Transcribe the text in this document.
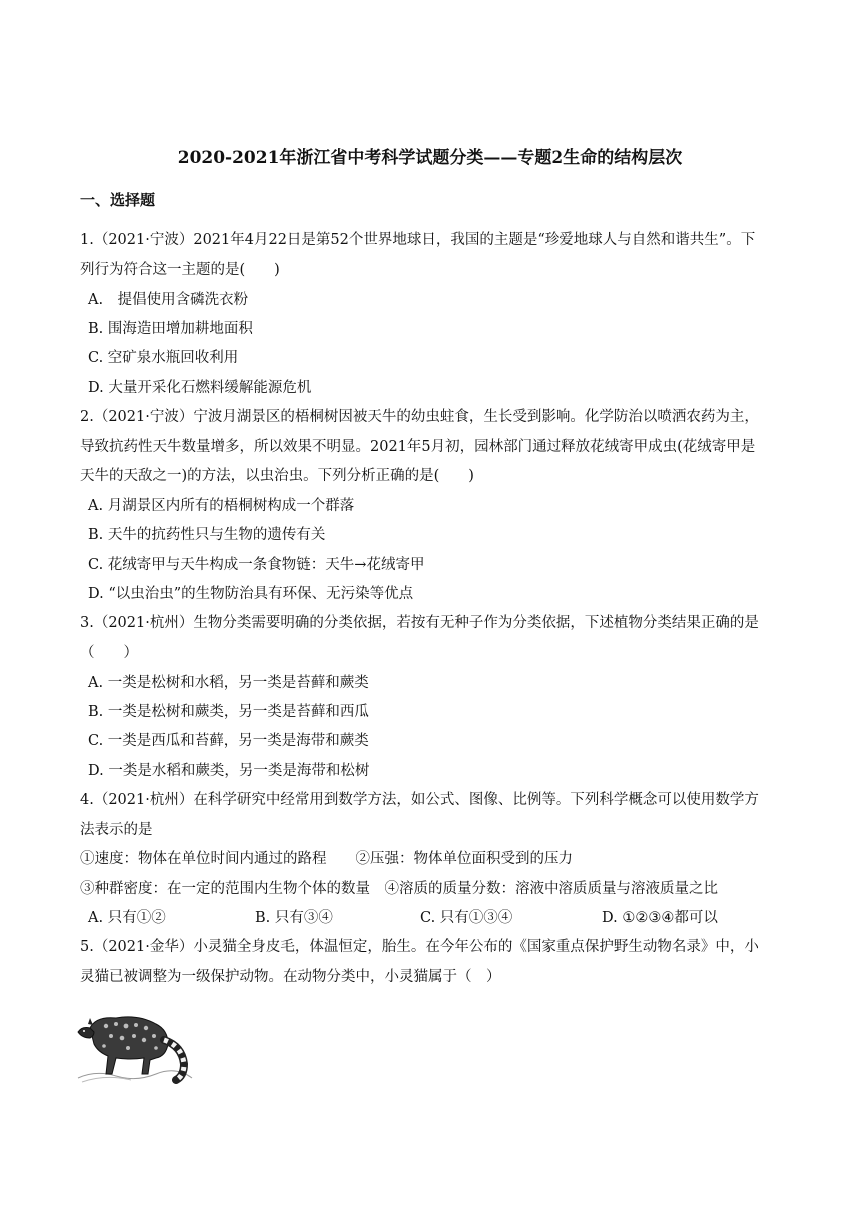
2020-2021年浙江省中考科学试题分类——专题2生命的结构层次
一、选择题
1.（2021·宁波）2021年4月22日是第52个世界地球日，我国的主题是“珍爱地球人与自然和谐共生”。下
列行为符合这一主题的是(　　)
A.　提倡使用含磷洗衣粉
B. 围海造田增加耕地面积
C. 空矿泉水瓶回收利用
D. 大量开采化石燃料缓解能源危机
2.（2021·宁波）宁波月湖景区的梧桐树因被天牛的幼虫蛀食，生长受到影响。化学防治以喷洒农药为主，
导致抗药性天牛数量增多，所以效果不明显。2021年5月初，园林部门通过释放花绒寄甲成虫(花绒寄甲是
天牛的天敌之一)的方法，以虫治虫。下列分析正确的是(　　)
A. 月湖景区内所有的梧桐树构成一个群落
B. 天牛的抗药性只与生物的遗传有关
C. 花绒寄甲与天牛构成一条食物链：天牛→花绒寄甲
D. “以虫治虫”的生物防治具有环保、无污染等优点
3.（2021·杭州）生物分类需要明确的分类依据，若按有无种子作为分类依据，下述植物分类结果正确的是
（　　）
A. 一类是松树和水稻，另一类是苔藓和蕨类
B. 一类是松树和蕨类，另一类是苔藓和西瓜
C. 一类是西瓜和苔藓，另一类是海带和蕨类
D. 一类是水稻和蕨类，另一类是海带和松树
4.（2021·杭州）在科学研究中经常用到数学方法，如公式、图像、比例等。下列科学概念可以使用数学方
法表示的是
①速度：物体在单位时间内通过的路程　　②压强：物体单位面积受到的压力
③种群密度：在一定的范围内生物个体的数量　④溶质的质量分数：溶液中溶质质量与溶液质量之比
A. 只有①②	B. 只有③④	C. 只有①③④	D. ①②③④都可以
5.（2021·金华）小灵猫全身皮毛，体温恒定，胎生。在今年公布的《国家重点保护野生动物名录》中，小
灵猫已被调整为一级保护动物。在动物分类中，小灵猫属于（　）
